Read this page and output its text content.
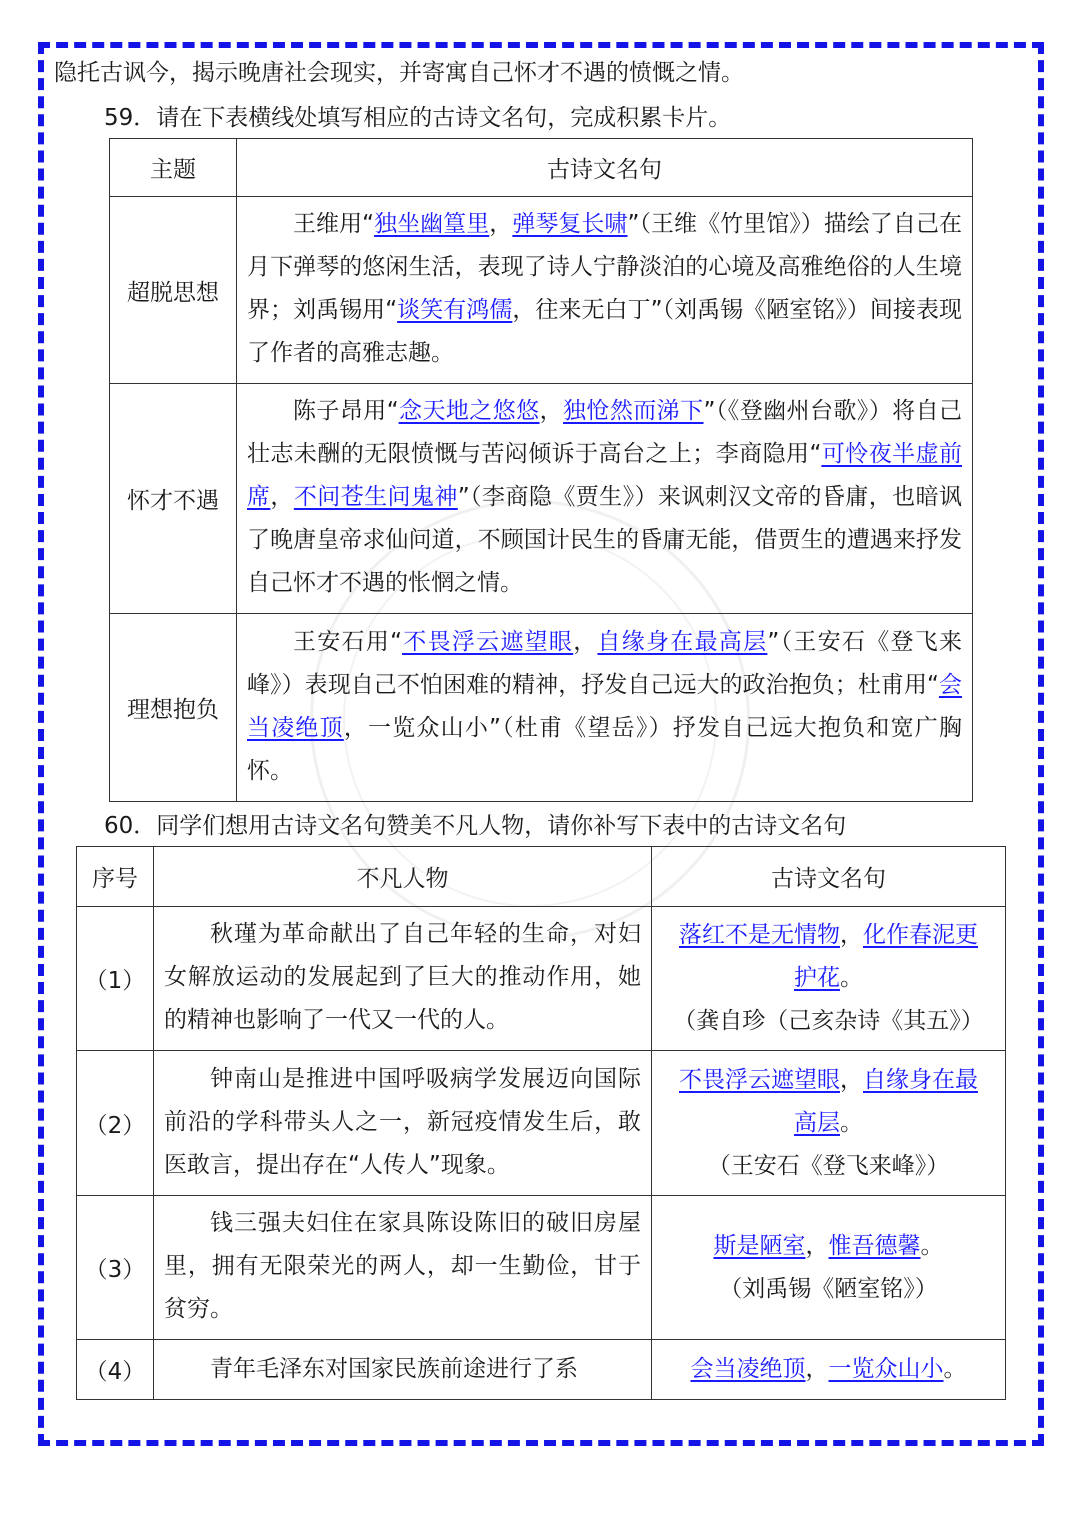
隐托古讽今，揭示晚唐社会现实，并寄寓自己怀才不遇的愤慨之情。
59．请在下表横线处填写相应的古诗文名句，完成积累卡片。
主题	古诗文名句
超脱思想	王维用“独坐幽篁里，弹琴复长啸”（王维《竹里馆》）描绘了自己在月下弹琴的悠闲生活，表现了诗人宁静淡泊的心境及高雅绝俗的人生境界；刘禹锡用“谈笑有鸿儒，往来无白丁”（刘禹锡《陋室铭》）间接表现了作者的高雅志趣。
怀才不遇	陈子昂用“念天地之悠悠，独怆然而涕下”（《登幽州台歌》）将自己壮志未酬的无限愤慨与苦闷倾诉于高台之上；李商隐用“可怜夜半虚前席，不问苍生问鬼神”（李商隐《贾生》）来讽刺汉文帝的昏庸，也暗讽了晚唐皇帝求仙问道，不顾国计民生的昏庸无能，借贾生的遭遇来抒发自己怀才不遇的怅惘之情。
理想抱负	王安石用“不畏浮云遮望眼，自缘身在最高层”（王安石《登飞来峰》）表现自己不怕困难的精神，抒发自己远大的政治抱负；杜甫用“会当凌绝顶，一览众山小”（杜甫《望岳》）抒发自己远大抱负和宽广胸怀。
60．同学们想用古诗文名句赞美不凡人物，请你补写下表中的古诗文名句
序号	不凡人物	古诗文名句
（1）	秋瑾为革命献出了自己年轻的生命，对妇女解放运动的发展起到了巨大的推动作用，她的精神也影响了一代又一代的人。	落红不是无情物，化作春泥更
护花。
（龚自珍（己亥杂诗《其五》）
（2）	钟南山是推进中国呼吸病学发展迈向国际前沿的学科带头人之一，新冠疫情发生后，敢医敢言，提出存在“人传人”现象。	不畏浮云遮望眼，自缘身在最
高层。
（王安石《登飞来峰》）
（3）	钱三强夫妇住在家具陈设陈旧的破旧房屋里，拥有无限荣光的两人，却一生勤俭，甘于贫穷。	斯是陋室，惟吾德馨。
（刘禹锡《陋室铭》）
（4）	青年毛泽东对国家民族前途进行了系	会当凌绝顶，一览众山小。
